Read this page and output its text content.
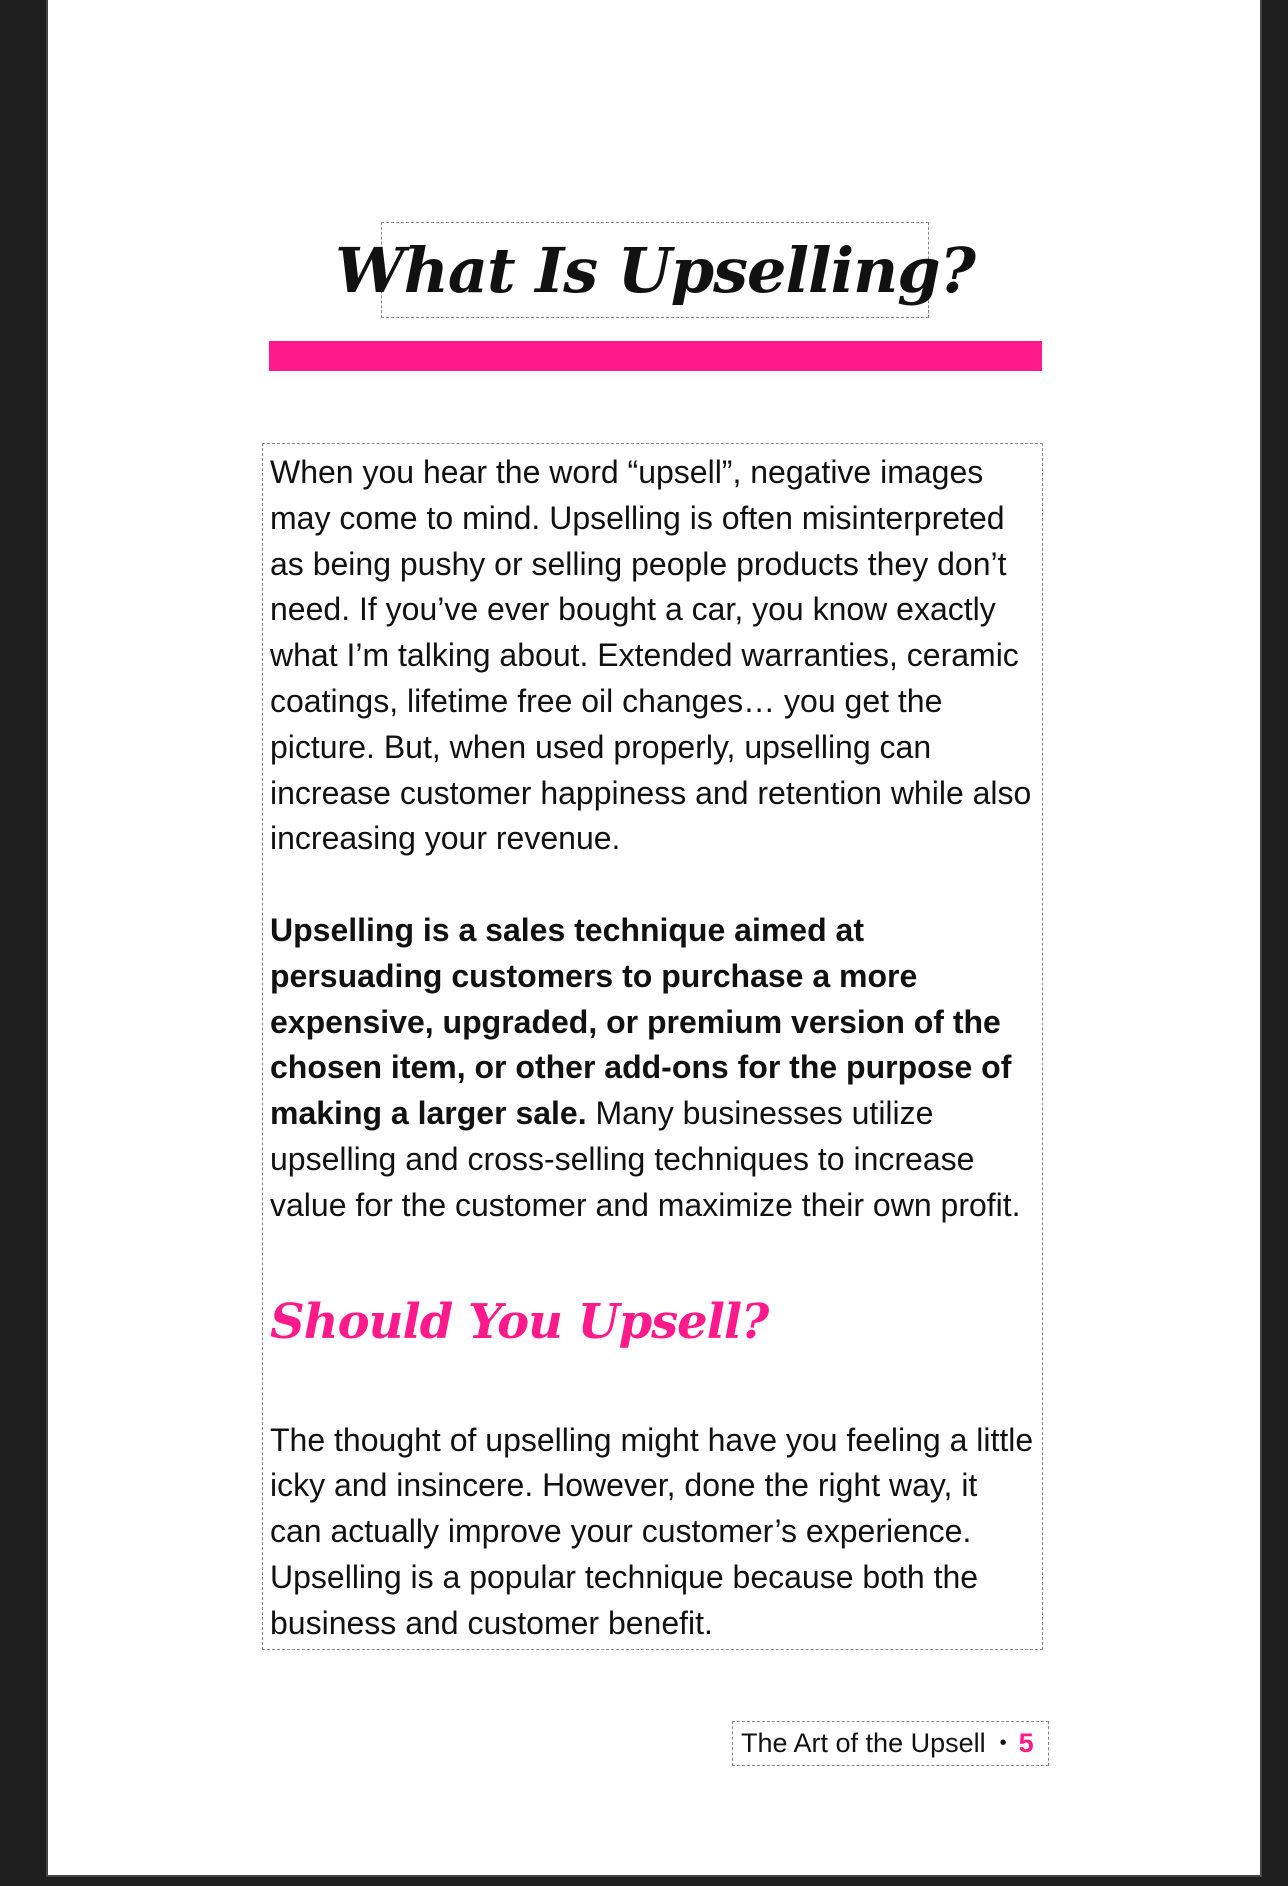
What Is Upselling?

When you hear the word “upsell”, negative images may come to mind. Upselling is often misinterpreted as being pushy or selling people products they don’t need. If you’ve ever bought a car, you know exactly what I’m talking about. Extended warranties, ceramic coatings, lifetime free oil changes… you get the picture. But, when used properly, upselling can increase customer happiness and retention while also increasing your revenue.

Upselling is a sales technique aimed at persuading customers to purchase a more expensive, upgraded, or premium version of the chosen item, or other add-ons for the purpose of making a larger sale. Many businesses utilize upselling and cross-selling techniques to increase value for the customer and maximize their own profit.

Should You Upsell?

The thought of upselling might have you feeling a little icky and insincere. However, done the right way, it can actually improve your customer’s experience. Upselling is a popular technique because both the business and customer benefit.

The Art of the Upsell • 5
